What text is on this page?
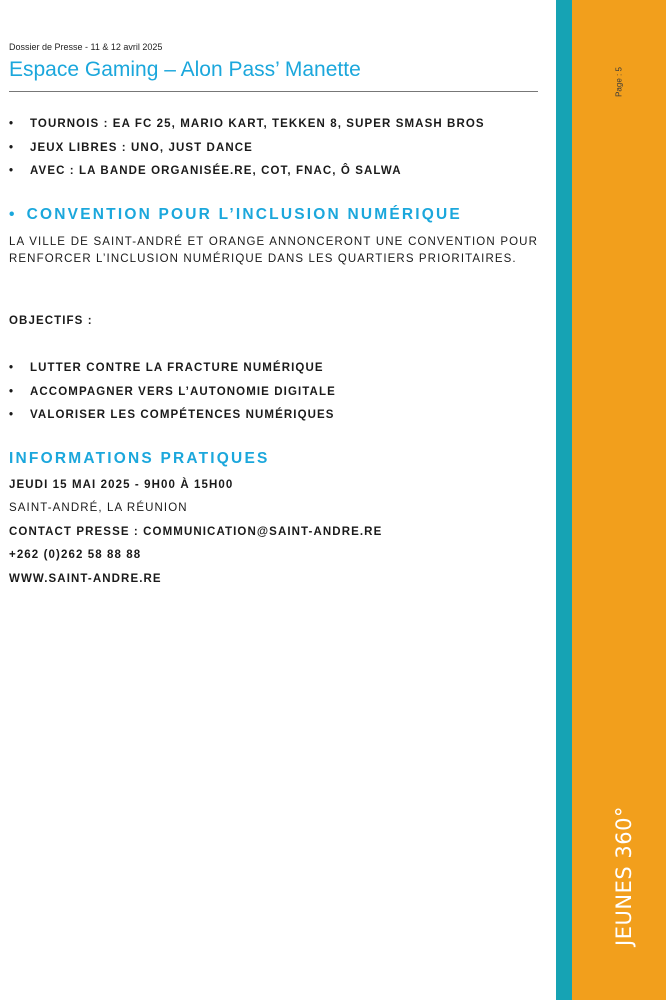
Page : 5
JEUNES 360°
Dossier de Presse - 11 & 12 avril 2025
Espace Gaming – Alon Pass’ Manette
• TOURNOIS : EA FC 25, MARIO KART, TEKKEN 8, SUPER SMASH BROS
• JEUX LIBRES : UNO, JUST DANCE
• AVEC : LA BANDE ORGANISÉE.RE, COT, FNAC, Ô SALWA
• CONVENTION POUR L’INCLUSION NUMÉRIQUE

LA VILLE DE SAINT-ANDRÉ ET ORANGE ANNONCERONT UNE CONVENTION POUR RENFORCER L’INCLUSION NUMÉRIQUE DANS LES QUARTIERS PRIORITAIRES.

OBJECTIFS :
• LUTTER CONTRE LA FRACTURE NUMÉRIQUE
• ACCOMPAGNER VERS L’AUTONOMIE DIGITALE
• VALORISER LES COMPÉTENCES NUMÉRIQUES
INFORMATIONS PRATIQUES
JEUDI 15 MAI 2025 - 9H00 À 15H00
SAINT-ANDRÉ, LA RÉUNION
CONTACT PRESSE : COMMUNICATION@SAINT-ANDRE.RE
+262 (0)262 58 88 88
WWW.SAINT-ANDRE.RE
